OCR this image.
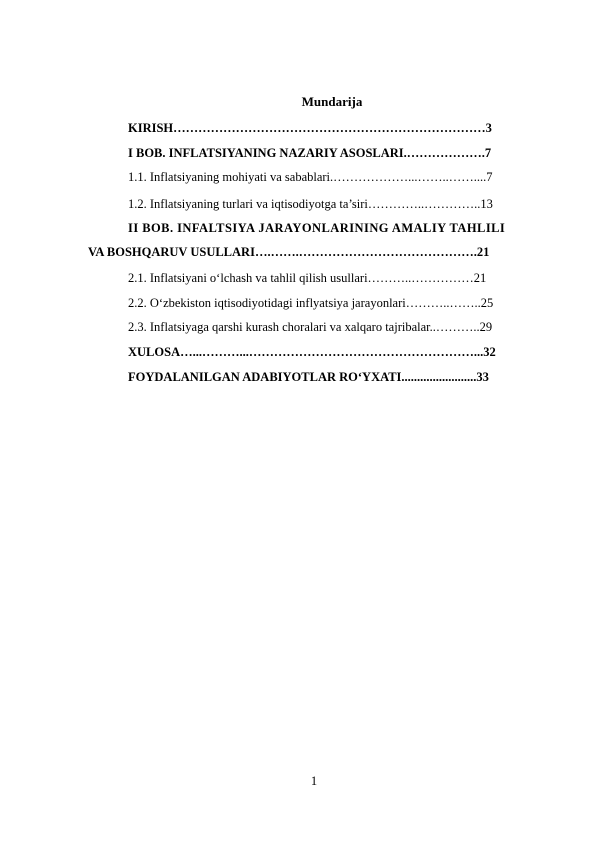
Mundarija
KIRISH…………………………………………………………………3
I BOB. INFLATSIYANING NAZARIY ASOSLARI.……………….7
1.1. Inflatsiyaning mohiyati va sabablari.………………...……..……....7
1.2. Inflatsiyaning turlari va iqtisodiyotga ta’siri…………..…………..13
II BOB. INFALTSIYA JARAYONLARINING AMALIY TAHLILI
VA BOSHQARUV USULLARI….…….…………………………………….21
2.1. Inflatsiyani o‘lchash va tahlil qilish usullari………..……………21
2.2. O‘zbekiston iqtisodiyotidagi inflyatsiya jarayonlari………..……..25
2.3. Inflatsiyaga qarshi kurash choralari va xalqaro tajribalar..………..29
XULOSA…...………...………………………………………………...32
FOYDALANILGAN ADABIYOTLAR RO‘YXATI........................33
1
